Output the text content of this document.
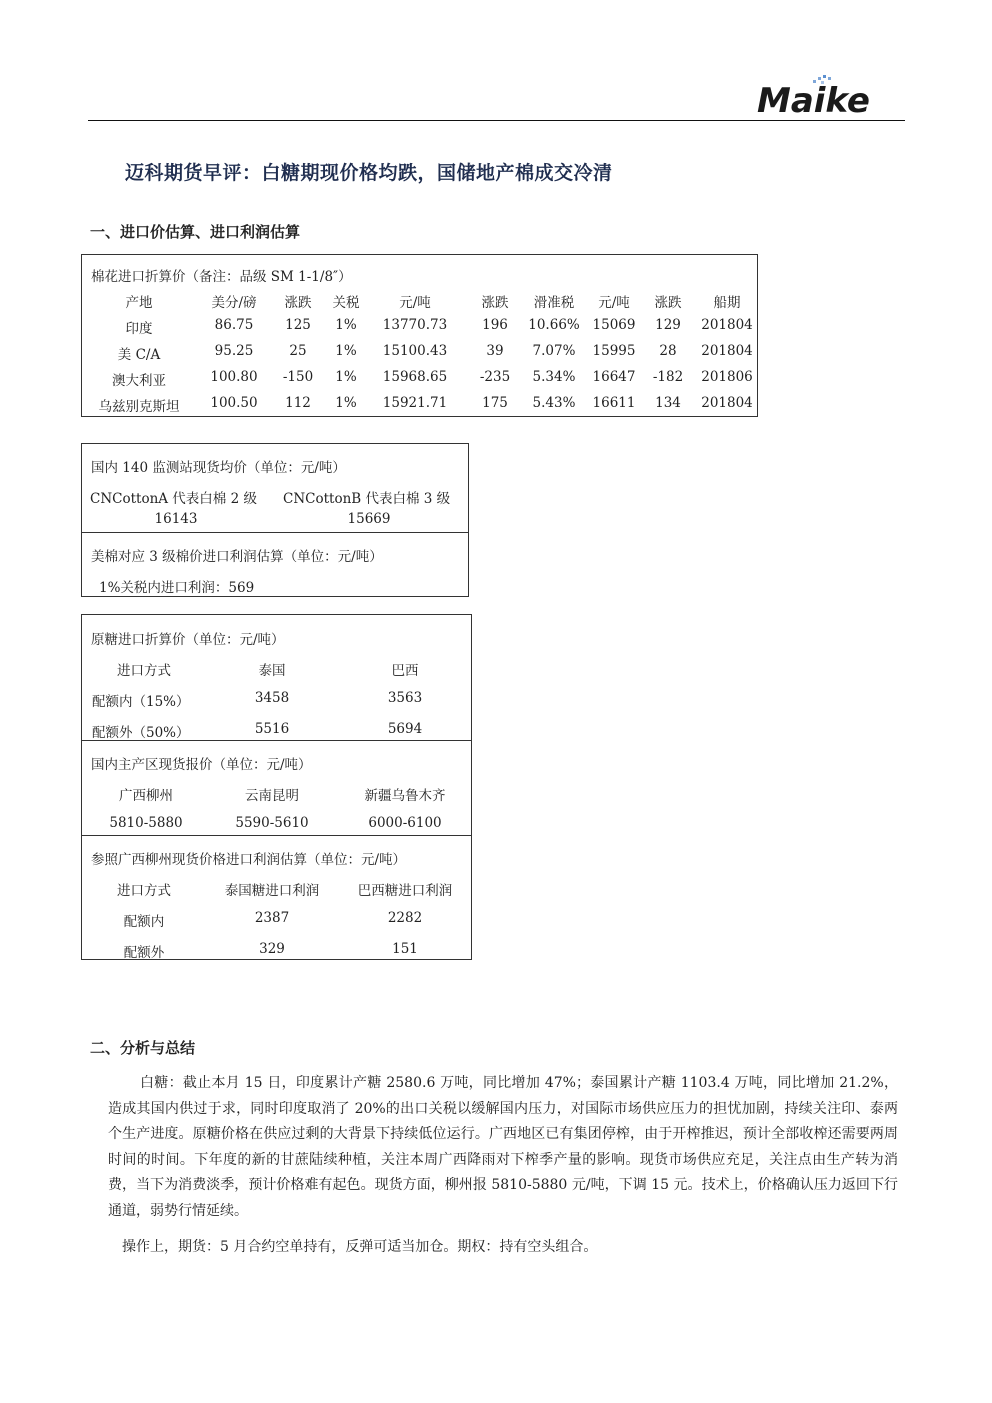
Maike
迈科期货早评：白糖期现价格均跌，国储地产棉成交冷清
一、进口价估算、进口利润估算
棉花进口折算价（备注：品级 SM 1-1/8″）
产地	美分/磅 涨跌 关税	元/吨	涨跌 滑准税 元/吨 涨跌 船期
印度	86.75 125 1% 13770.73	196 10.66% 15069 129 201804
美 C/A	95.25	25 1% 15100.43	39 7.07% 15995 28 201804
澳大利亚	100.80 -150 1% 15968.65 -235 5.34% 16647 -182 201806
乌兹别克斯坦 100.50 112 1% 15921.71	175 5.43% 16611 134 201804
国内 140 监测站现货均价（单位：元/吨）
CNCottonA 代表白棉 2 级 CNCottonB 代表白棉 3 级
16143	15669
美棉对应 3 级棉价进口利润估算（单位：元/吨）
1%关税内进口利润：569
原糖进口折算价（单位：元/吨）
进口方式	泰国	巴西
配额内（15%）	3458	3563
配额外（50%）	5516	5694
国内主产区现货报价（单位：元/吨）
广西柳州	云南昆明	新疆乌鲁木齐
5810-5880	5590-5610	6000-6100
参照广西柳州现货价格进口利润估算（单位：元/吨）
进口方式	泰国糖进口利润	巴西糖进口利润
配额内	2387	2282
配额外	329	151
二、分析与总结
白糖：截止本月 15 日，印度累计产糖 2580.6 万吨，同比增加 47%；泰国累计产糖 1103.4 万吨，同比增加 21.2%，造成其国内供过于求，同时印度取消了 20%的出口关税以缓解国内压力，对国际市场供应压力的担忧加剧，持续关注印、泰两个生产进度。原糖价格在供应过剩的大背景下持续低位运行。广西地区已有集团停榨，由于开榨推迟，预计全部收榨还需要两周时间的时间。下年度的新的甘蔗陆续种植，关注本周广西降雨对下榨季产量的影响。现货市场供应充足，关注点由生产转为消费，当下为消费淡季，预计价格难有起色。现货方面，柳州报 5810-5880 元/吨，下调 15 元。技术上，价格确认压力返回下行通道，弱势行情延续。
操作上，期货：5 月合约空单持有，反弹可适当加仓。期权：持有空头组合。
